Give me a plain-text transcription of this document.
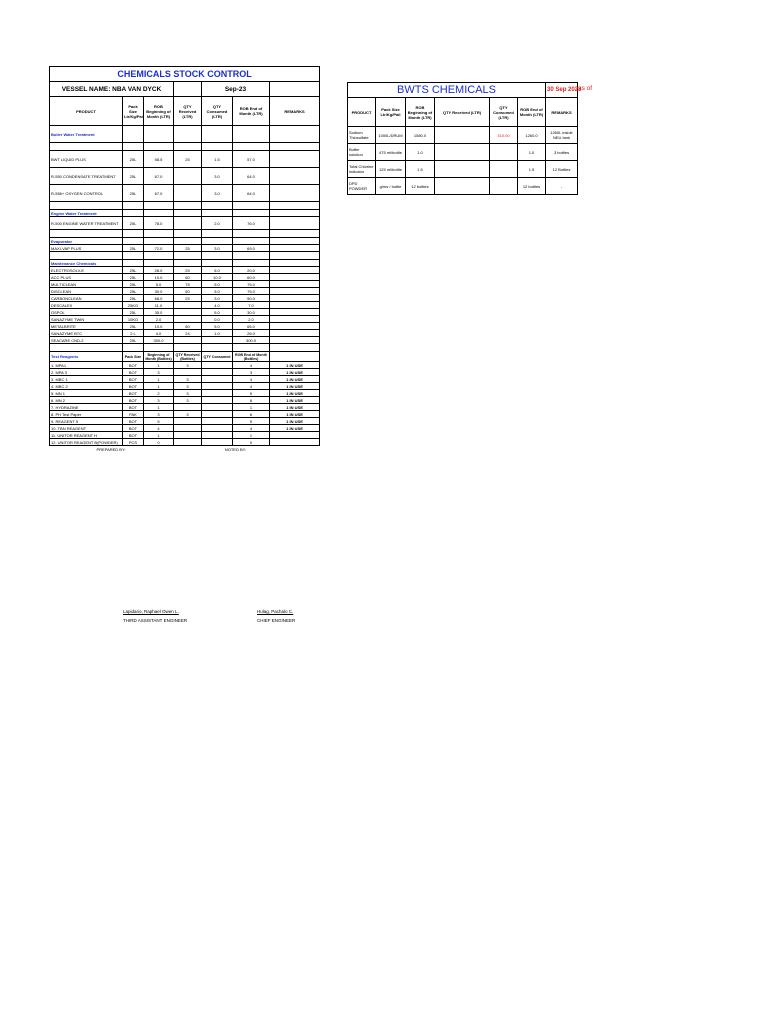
CHEMICALS STOCK CONTROL						
VESSEL NAME: NBA VAN DYCK				Sep-23		
PRODUCT	Pack Size Ltr/Kg/Pail	ROB Beginning of Month (LTR)	QTY Received (LTR)	QTY Consumed (LTR)	ROB End of Month (LTR)	REMARKS
Boiler Water Treatment						

BWT LIQUID PLUS	25L	58.5	25	1.5	57.0	
R-550 CONDENSATE TREATMENT	25L	67.0		3.0	64.0	
R-556+ OXYGEN CONTROL	25L	67.0		3.0	64.0	

Engine Water Treatment						
R-500 ENGINE WATER TREATMENT	25L	78.0		2.0	76.0	

Evaporator						
MAXI-VAP PLUS	25L	72.0	25	3.0	69.0	

Maintenance Chemicals						
ELECTROSOLV-E	25L	26.0	25	6.0	20.0	
ACC PLUS	25L	10.0	60	10.0	60.0	
MULTICLEAN	25L	5.0	75	5.0	75.0	
DISCLEAN	25L	30.0	50	5.0	75.0	
CARBONCLEAN	25L	68.0	25	3.0	90.0	
DESCALEX	25KG	11.0		4.0	7.0	
OSPOL	25L	35.0		5.0	30.0	
SANAZYME TWIN	10KG	2.0		0.0	2.0	
METALBRITE	25L	10.0	60	5.0	65.0	
SANAZYME BTC	2 L	4.0	24	1.0	26.0	
SEACARE CND-2	25L	300.0			300.0	

Test Reagents	Pack Size	Beginning of Month (Bottles)	QTY Received (Bottles)	QTY Consumed	ROB End of Month (Bottles)	
1. MPA1	BOT	1	3		4	1 IN USE
2. MPA 3	BOT	3			3	1 IN USE
3. MBC 1	BOT	1	3		4	1 IN USE
4. MBC 2	BOT	1	3		4	1 IN USE
5. MN 1	BOT	2	3		5	1 IN USE
6. MN 2	BOT	3	3		6	1 IN USE
7. HYDRAZINE	BOT	1			1	1 IN USE
8. PH Test Paper	PAK	3	3		6	1 IN USE
9. REAGENT 5	BOT	5			5	1 IN USE
10. TBN REAGENT	BOT	4			4	1 IN USE
11. UNITOR REAGENT H	BOT	1			1	
12. UNITOR REAGENT B(POWDER)	PCS	0			0	
PREPARED BY:				NOTED BY:		
BWTS CHEMICALS						30 Sep 2023
PRODUCT	Pack Size Ltr/Kg/Pail	ROB Beginning of Month (LTR)	QTY Received (LTR)	QTY Consumed (LTR)	ROB End of Month (LTR)	REMARKS
Sodium Thiosulfate	1000L/DRUM	1580.0		310.00	1260.0	1260L inside NEU tank
Buffer solution	475 ml/bottle	1.0			1.0	3 bottles
Total Chlorine indicator	125 ml/bottle	1.5			1.5	12 Bottles
DPD POWDER	g/ms / bottle	12 bottles			12 bottles	-
as of
Lapidario, Raphael Owen L.
THIRD ASSISTANT ENGINEER
Hulag, Pachalo C.
CHIEF ENGINEER
